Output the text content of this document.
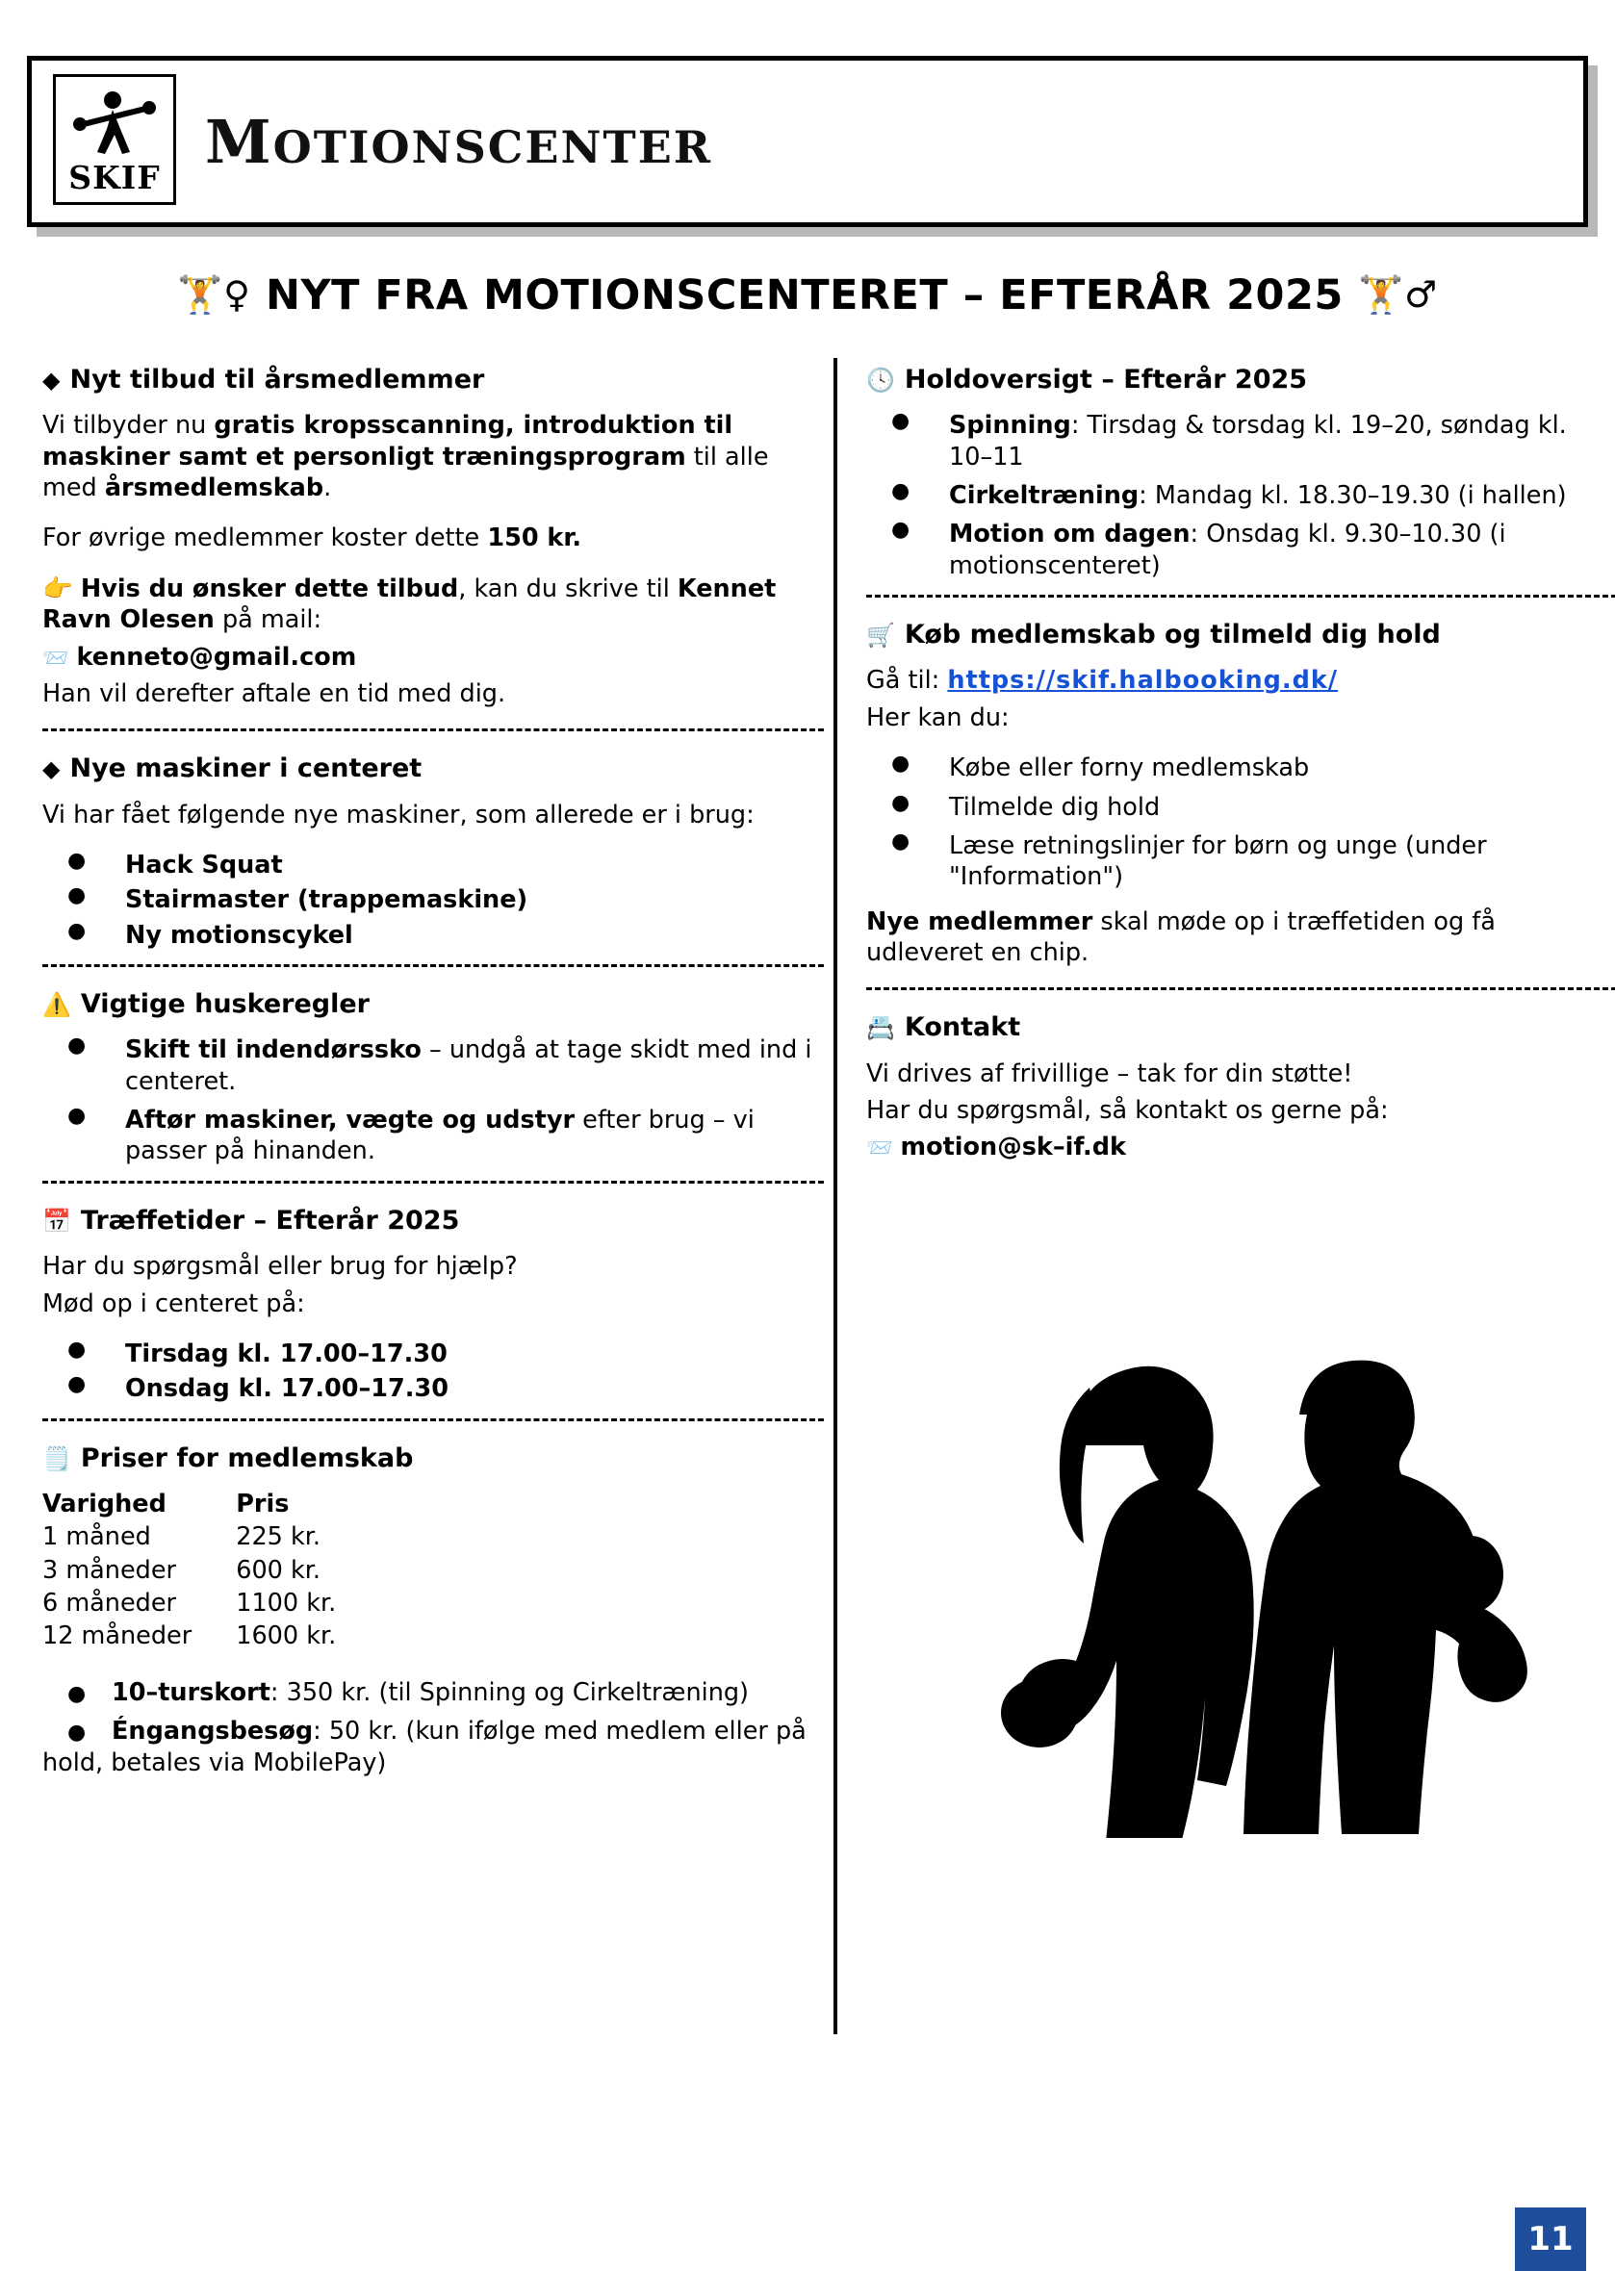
SKIF
MOTIONSCENTER
🏋️♀ NYT FRA MOTIONSCENTERET – EFTERÅR 2025 🏋️♂
◆ Nyt tilbud til årsmedlemmer

Vi tilbyder nu gratis kropsscanning, introduktion til maskiner samt et personligt træningsprogram til alle med årsmedlemskab.

For øvrige medlemmer koster dette 150 kr.

👉 Hvis du ønsker dette tilbud, kan du skrive til Kennet Ravn Olesen på mail:

📨 kenneto@gmail.com

Han vil derefter aftale en tid med dig.

◆ Nye maskiner i centeret

Vi har fået følgende nye maskiner, som allerede er i brug:

● Hack Squat
● Stairmaster (trappemaskine)
● Ny motionscykel
⚠️ Vigtige huskeregler
● Skift til indendørssko – undgå at tage skidt med ind i centeret.
● Aftør maskiner, vægte og udstyr efter brug – vi passer på hinanden.
📅 Træffetider – Efterår 2025

Har du spørgsmål eller brug for hjælp?

Mød op i centeret på:

● Tirsdag kl. 17.00–17.30
● Onsdag kl. 17.00–17.30
🗒️ Priser for medlemskab
Varighed	Pris
1 måned	225 kr.
3 måneder	600 kr.
6 måneder	1100 kr.
12 måneder	1600 kr.
● 10–turskort: 350 kr. (til Spinning og Cirkeltræning)
● Éngangsbesøg: 50 kr. (kun ifølge med medlem eller på hold, betales via MobilePay)
🕓 Holdoversigt – Efterår 2025
● Spinning: Tirsdag & torsdag kl. 19–20, søndag kl. 10–11
● Cirkeltræning: Mandag kl. 18.30–19.30 (i hallen)
● Motion om dagen: Onsdag kl. 9.30–10.30 (i motionscenteret)
🛒 Køb medlemskab og tilmeld dig hold

Gå til: https://skif.halbooking.dk/

Her kan du:

● Købe eller forny medlemskab
● Tilmelde dig hold
● Læse retningslinjer for børn og unge (under "Information")

Nye medlemmer skal møde op i træffetiden og få udleveret en chip.

📇 Kontakt

Vi drives af frivillige – tak for din støtte!

Har du spørgsmål, så kontakt os gerne på:

📨 motion@sk–if.dk

11
